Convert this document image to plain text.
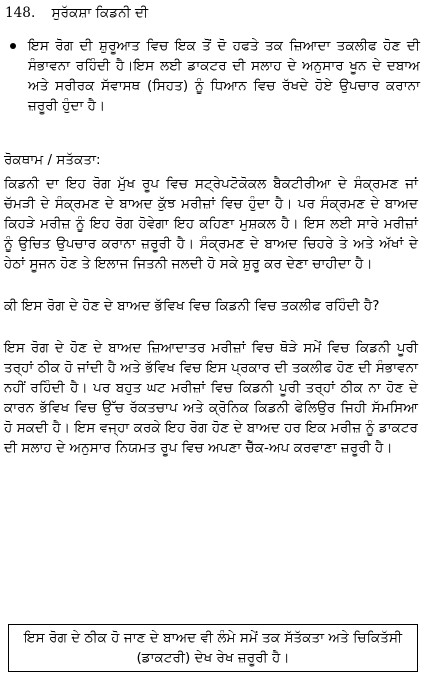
148. ਸੁਰੱਕਸ਼ਾ ਕਿਡਨੀ ਦੀ
ਇਸ ਰੋਗ ਦੀ ਸ਼ੁਰੂਆਤ ਵਿਚ ਇਕ ਤੋਂ ਦੋ ਹਫਤੇ ਤਕ ਜ਼ਿਆਦਾ ਤਕਲੀਫ ਹੋਣ ਦੀ ਸੰਭਾਵਨਾ ਰਹਿੰਦੀ ਹੈ।ਇਸ ਲਈ ਡਾਕਟਰ ਦੀ ਸਲਾਹ ਦੇ ਅਨੁਸਾਰ ਖੂਨ ਦੇ ਦਬਾਅ ਅਤੇ ਸਰੀਰਕ ਸੱਵਾਸਥ (ਸਿਹਤ) ਨੂੰ ਧਿਆਨ ਵਿਚ ਰੱਖਦੇ ਹੋਏ ਉਪਚਾਰ ਕਰਾਨਾ ਜ਼ਰੂਰੀ ਹੁੰਦਾ ਹੈ।
ਰੋਕਥਾਮ / ਸਤੱਕਤਾ:
ਕਿਡਨੀ ਦਾ ਇਹ ਰੋਗ ਮੁੱਖ ਰੂਪ ਵਿਚ ਸਟ੍ਰੇਪਟੋਕੋਕਲ ਬੈਕਟੀਰੀਆ ਦੇ ਸੰਕ੍ਰਮਣ ਜਾਂ ਚੱਮੜੀ ਦੇ ਸੰਕ੍ਰਮਣ ਦੇ ਬਾਅਦ ਕੁੱਝ ਮਰੀਜ਼ਾਂ ਵਿਚ ਹੁੰਦਾ ਹੈ। ਪਰ ਸੰਕ੍ਰਮਣ ਦੇ ਬਾਅਦ ਕਿਹੜੇ ਮਰੀਜ਼ ਨੂੰ ਇਹ ਰੋਗ ਹੋਵੇਗਾ ਇਹ ਕਹਿਣਾ ਮੁਸ਼ਕਲ ਹੈ। ਇਸ ਲਈ ਸਾਰੇ ਮਰੀਜ਼ਾਂ ਨੂੰ ਉਚਿਤ ਉਪਚਾਰ ਕਰਾਨਾ ਜ਼ਰੂਰੀ ਹੈ। ਸੰਕ੍ਰਮਣ ਦੇ ਬਾਅਦ ਚਿਹਰੇ ਤੇ ਅਤੇ ਅੱਖਾਂ ਦੇ ਹੇਠਾਂ ਸੂਜਨ ਹੋਣ ਤੇ ਇਲਾਜ ਜਿਤਨੀ ਜਲਦੀ ਹੋ ਸਕੇ ਸ਼ੁਰੂ ਕਰ ਦੇਣਾ ਚਾਹੀਦਾ ਹੈ।
ਕੀ ਇਸ ਰੋਗ ਦੇ ਹੋਣ ਦੇ ਬਾਅਦ ਭੱਵਿਖ ਵਿਚ ਕਿਡਨੀ ਵਿਚ ਤਕਲੀਫ ਰਹਿੰਦੀ ਹੈ?
ਇਸ ਰੋਗ ਦੇ ਹੋਣ ਦੇ ਬਾਅਦ ਜ਼ਿਆਦਾਤਰ ਮਰੀਜ਼ਾਂ ਵਿਚ ਥੋੜੇ ਸਮੇਂ ਵਿਚ ਕਿਡਨੀ ਪੂਰੀ ਤਰ੍ਹਾਂ ਠੀਕ ਹੋ ਜਾਂਦੀ ਹੈ ਅਤੇ ਭੱਵਿਖ ਵਿਚ ਇਸ ਪ੍ਰਕਾਰ ਦੀ ਤਕਲੀਫ ਹੋਣ ਦੀ ਸੰਭਾਵਨਾ ਨਹੀਂ ਰਹਿੰਦੀ ਹੈ। ਪਰ ਬਹੁਤ ਘਟ ਮਰੀਜ਼ਾਂ ਵਿਚ ਕਿਡਨੀ ਪੂਰੀ ਤਰ੍ਹਾਂ ਠੀਕ ਨਾ ਹੋਣ ਦੇ ਕਾਰਨ ਭੱਵਿਖ ਵਿਚ ਉੱਚ ਰੱਕਤਚਾਪ ਅਤੇ ਕ੍ਰੋਨਿਕ ਕਿਡਨੀ ਫੇਲਿਉਰ ਜਿਹੀ ਸੱਮਸਿਆ ਹੋ ਸਕਦੀ ਹੈ। ਇਸ ਵਜ੍ਹਾ ਕਰਕੇ ਇਹ ਰੋਗ ਹੋਣ ਦੇ ਬਾਅਦ ਹਰ ਇਕ ਮਰੀਜ਼ ਨੂੰ ਡਾਕਟਰ ਦੀ ਸਲਾਹ ਦੇ ਅਨੁਸਾਰ ਨਿਯਮਤ ਰੂਪ ਵਿਚ ਅਪਣਾ ਚੈੱਕ-ਅਪ ਕਰਵਾਣਾ ਜ਼ਰੂਰੀ ਹੈ।
ਇਸ ਰੋਗ ਦੇ ਠੀਕ ਹੋ ਜਾਣ ਦੇ ਬਾਅਦ ਵੀ ਲੰਮੇ ਸਮੇਂ ਤਕ ਸੱਤੱਕਤਾ ਅਤੇ ਚਿਕਿਤੱਸੀ (ਡਾਕਟਰੀ) ਦੇਖ ਰੇਖ ਜ਼ਰੂਰੀ ਹੈ।
